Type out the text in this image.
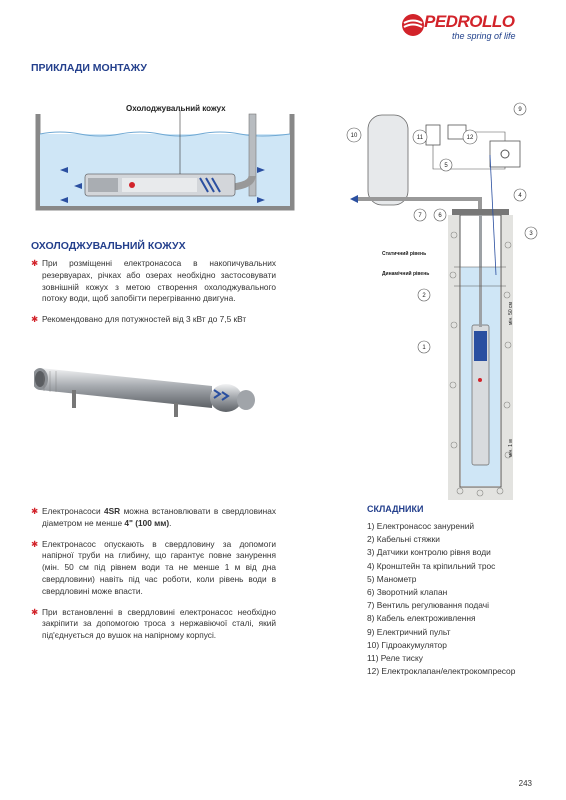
PEDROLLO
the spring of life
ПРИКЛАДИ МОНТАЖУ
Охолоджувальний кожух
ОХОЛОДЖУВАЛЬНИЙ КОЖУХ
✱ При розміщенні електронасоса в накопичувальних резервуарах, річках або озерах необхідно застосовувати зовнішній кожух з метою створення охолоджувального потоку води, щоб запобігти перегріванню двигуна.
✱ Рекомендовано для потужностей від 3 кВт до 7,5 кВт
✱ Електронасоси 4SR можна встановлювати в свердловинах діаметром не менше 4" (100 мм).
✱ Електронасос опускають в свердловину за допомоги напірної труби на глибину, що гарантує повне занурення (мін. 50 см під рівнем води та не менше 1 м від дна свердловини) навіть під час роботи, коли рівень води в свердловині може впасти.
✱ При встановленні в свердловині електронасос необхідно закріпити за допомогою троса з нержавіючої сталі, який під'єднується до вушок на напірному корпусі.
Статичний рівень
Динамічний рівень
мін. 50 см
мін. 1 м
1
2
3
4
5
6
7
9
10	11	12
СКЛАДНИКИ
1) Електронасос занурений
2) Кабельні стяжки
3) Датчики контролю рівня води
4) Кронштейн та кріпильний трос
5) Манометр
6) Зворотний клапан
7) Вентиль регулювання подачі
8) Кабель електроживлення
9) Електричний пульт
10) Гідроакумулятор
11) Реле тиску
12) Електроклапан/електрокомпресор
243
